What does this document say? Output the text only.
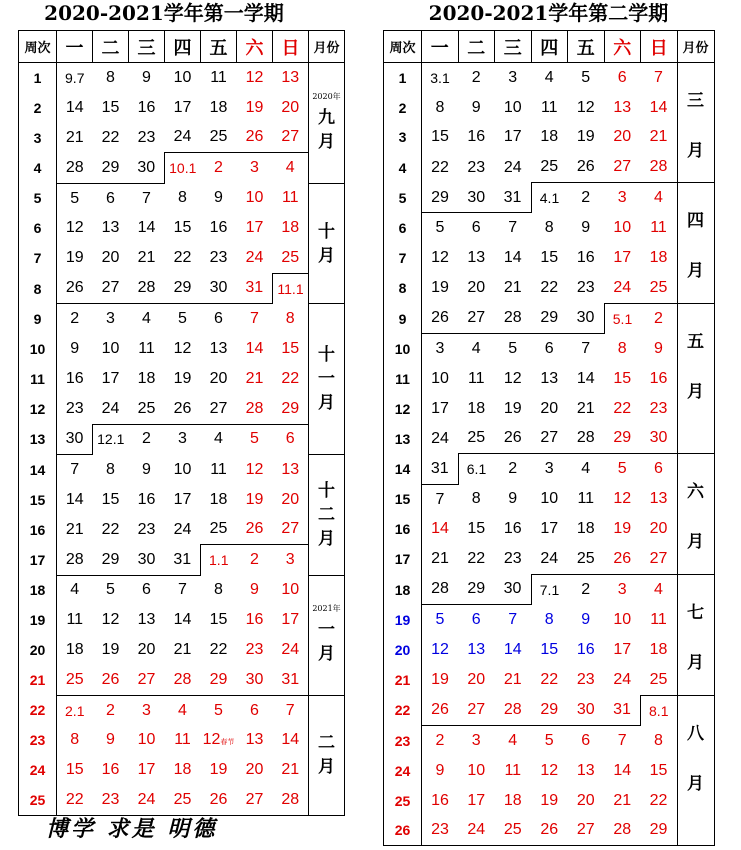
2020-2021学年第一学期
周次	一	二	三	四	五	六	日	月份
1	9.7	8	9	10	11	12	13	2020年
九
月

2	14	15	16	17	18	19	20	
3	21	22	23	24	25	26	27	
4	28	29	30	10.1	2	3	4	
5	5	6	7	8	9	10	11	十
月

6	12	13	14	15	16	17	18	
7	19	20	21	22	23	24	25	
8	26	27	28	29	30	31	11.1	
9	2	3	4	5	6	7	8	十
一
月

10	9	10	11	12	13	14	15	
11	16	17	18	19	20	21	22	
12	23	24	25	26	27	28	29	
13	30	12.1	2	3	4	5	6	
14	7	8	9	10	11	12	13	十
二
月

15	14	15	16	17	18	19	20	
16	21	22	23	24	25	26	27	
17	28	29	30	31	1.1	2	3	
18	4	5	6	7	8	9	10	2021年
一
月

19	11	12	13	14	15	16	17	
20	18	19	20	21	22	23	24	
21	25	26	27	28	29	30	31	
22	2.1	2	3	4	5	6	7	二
月

23	8	9	10	11	12春节	13	14	
24	15	16	17	18	19	20	21	
25	22	23	24	25	26	27	28	
2020-2021学年第二学期
周次	一	二	三	四	五	六	日	月份
1	3.1	2	3	4	5	6	7	三
月

2	8	9	10	11	12	13	14	
3	15	16	17	18	19	20	21	
4	22	23	24	25	26	27	28	
5	29	30	31	4.1	2	3	4	四
月

6	5	6	7	8	9	10	11	
7	12	13	14	15	16	17	18	
8	19	20	21	22	23	24	25	
9	26	27	28	29	30	5.1	2	五
月

10	3	4	5	6	7	8	9	
11	10	11	12	13	14	15	16	
12	17	18	19	20	21	22	23	
13	24	25	26	27	28	29	30	
14	31	6.1	2	3	4	5	6	六
月

15	7	8	9	10	11	12	13	
16	14	15	16	17	18	19	20	
17	21	22	23	24	25	26	27	
18	28	29	30	7.1	2	3	4	七
月

19	5	6	7	8	9	10	11	
20	12	13	14	15	16	17	18	
21	19	20	21	22	23	24	25	
22	26	27	28	29	30	31	8.1	八
月

23	2	3	4	5	6	7	8	
24	9	10	11	12	13	14	15	
25	16	17	18	19	20	21	22	
26	23	24	25	26	27	28	29	
博学 求是 明德
